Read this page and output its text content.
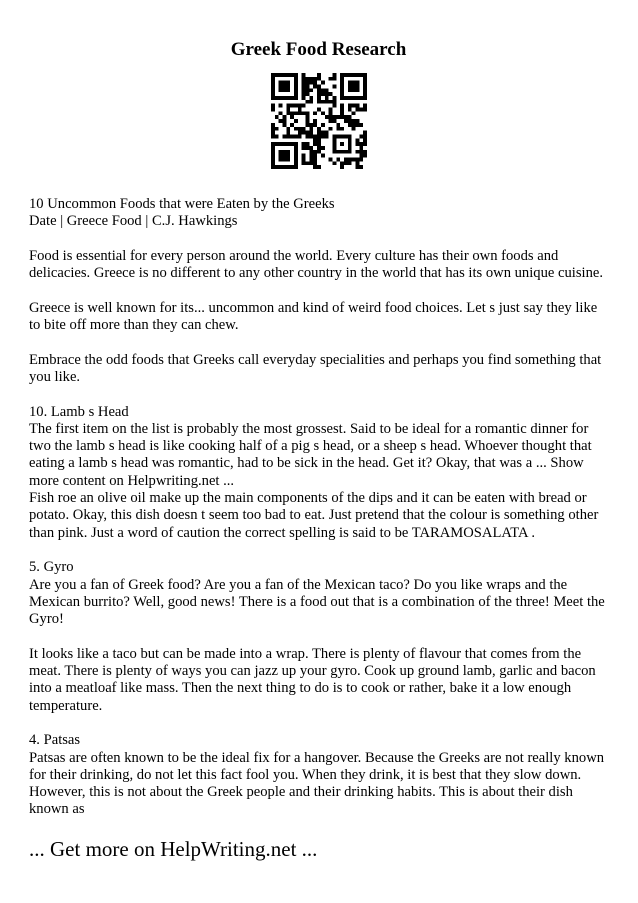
Greek Food Research

10 Uncommon Foods that were Eaten by the Greeks
Date | Greece Food | C.J. Hawkings

Food is essential for every person around the world. Every culture has their own foods and delicacies. Greece is no different to any other country in the world that has its own unique cuisine.

Greece is well known for its... uncommon and kind of weird food choices. Let s just say they like to bite off more than they can chew.

Embrace the odd foods that Greeks call everyday specialities and perhaps you find something that you like.

10. Lamb s Head
The first item on the list is probably the most grossest. Said to be ideal for a romantic dinner for two the lamb s head is like cooking half of a pig s head, or a sheep s head. Whoever thought that eating a lamb s head was romantic, had to be sick in the head. Get it? Okay, that was a ... Show more content on Helpwriting.net ...
Fish roe an olive oil make up the main components of the dips and it can be eaten with bread or potato. Okay, this dish doesn t seem too bad to eat. Just pretend that the colour is something other than pink. Just a word of caution the correct spelling is said to be TARAMOSALATA .

5. Gyro
Are you a fan of Greek food? Are you a fan of the Mexican taco? Do you like wraps and the Mexican burrito? Well, good news! There is a food out that is a combination of the three! Meet the Gyro!

It looks like a taco but can be made into a wrap. There is plenty of flavour that comes from the meat. There is plenty of ways you can jazz up your gyro. Cook up ground lamb, garlic and bacon into a meatloaf like mass. Then the next thing to do is to cook or rather, bake it a low enough temperature.

4. Patsas
Patsas are often known to be the ideal fix for a hangover. Because the Greeks are not really known for their drinking, do not let this fact fool you. When they drink, it is best that they slow down. However, this is not about the Greek people and their drinking habits. This is about their dish known as

... Get more on HelpWriting.net ...
